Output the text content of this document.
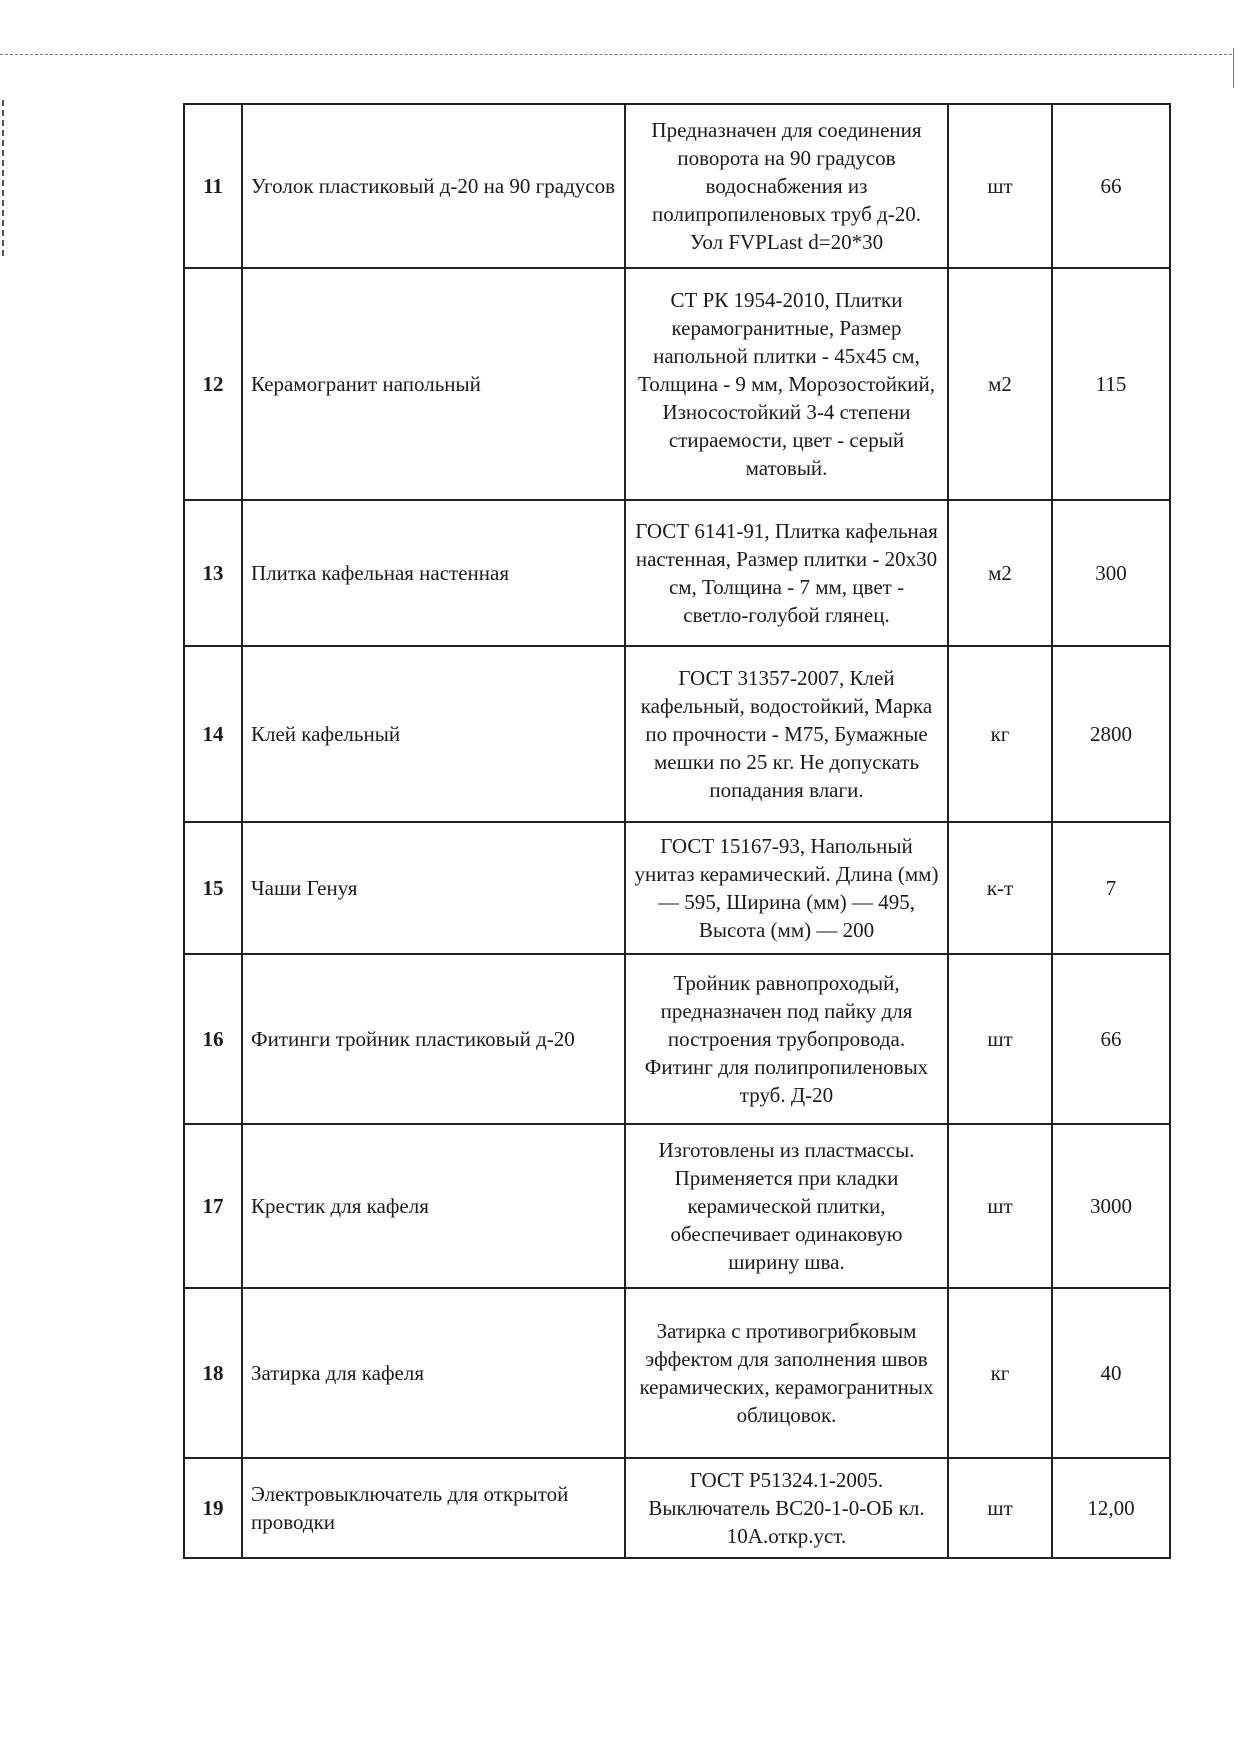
11	Уголок пластиковый д-20 на 90 градусов	Предназначен для соединения поворота на 90 градусов водоснабжения из полипропиленовых труб д-20. Уол FVPLast d=20*30	шт	66
12	Керамогранит напольный	СТ РК 1954-2010, Плитки керамогранитные, Размер напольной плитки - 45х45 см, Толщина - 9 мм, Морозостойкий, Износостойкий 3-4 степени стираемости, цвет - серый матовый.	м2	115
13	Плитка кафельная настенная	ГОСТ 6141-91, Плитка кафельная настенная, Размер плитки - 20х30 см, Толщина - 7 мм, цвет - светло-голубой глянец.	м2	300
14	Клей кафельный	ГОСТ 31357-2007, Клей кафельный, водостойкий, Марка по прочности - М75, Бумажные мешки по 25 кг. Не допускать попадания влаги.	кг	2800
15	Чаши Генуя	ГОСТ 15167-93, Напольный унитаз керамический. Длина (мм) — 595, Ширина (мм) — 495, Высота (мм) — 200	к-т	7
16	Фитинги тройник пластиковый д-20	Тройник равнопроходый, предназначен под пайку для построения трубопровода. Фитинг для полипропиленовых труб. Д-20	шт	66
17	Крестик для кафеля	Изготовлены из пластмассы. Применяется при кладки керамической плитки, обеспечивает одинаковую ширину шва.	шт	3000
18	Затирка для кафеля	Затирка с противогрибковым эффектом для заполнения швов керамических, керамогранитных облицовок.	кг	40
19	Электровыключатель для открытой проводки	ГОСТ Р51324.1-2005. Выключатель ВС20-1-0-ОБ кл. 10А.откр.уст.	шт	12,00
